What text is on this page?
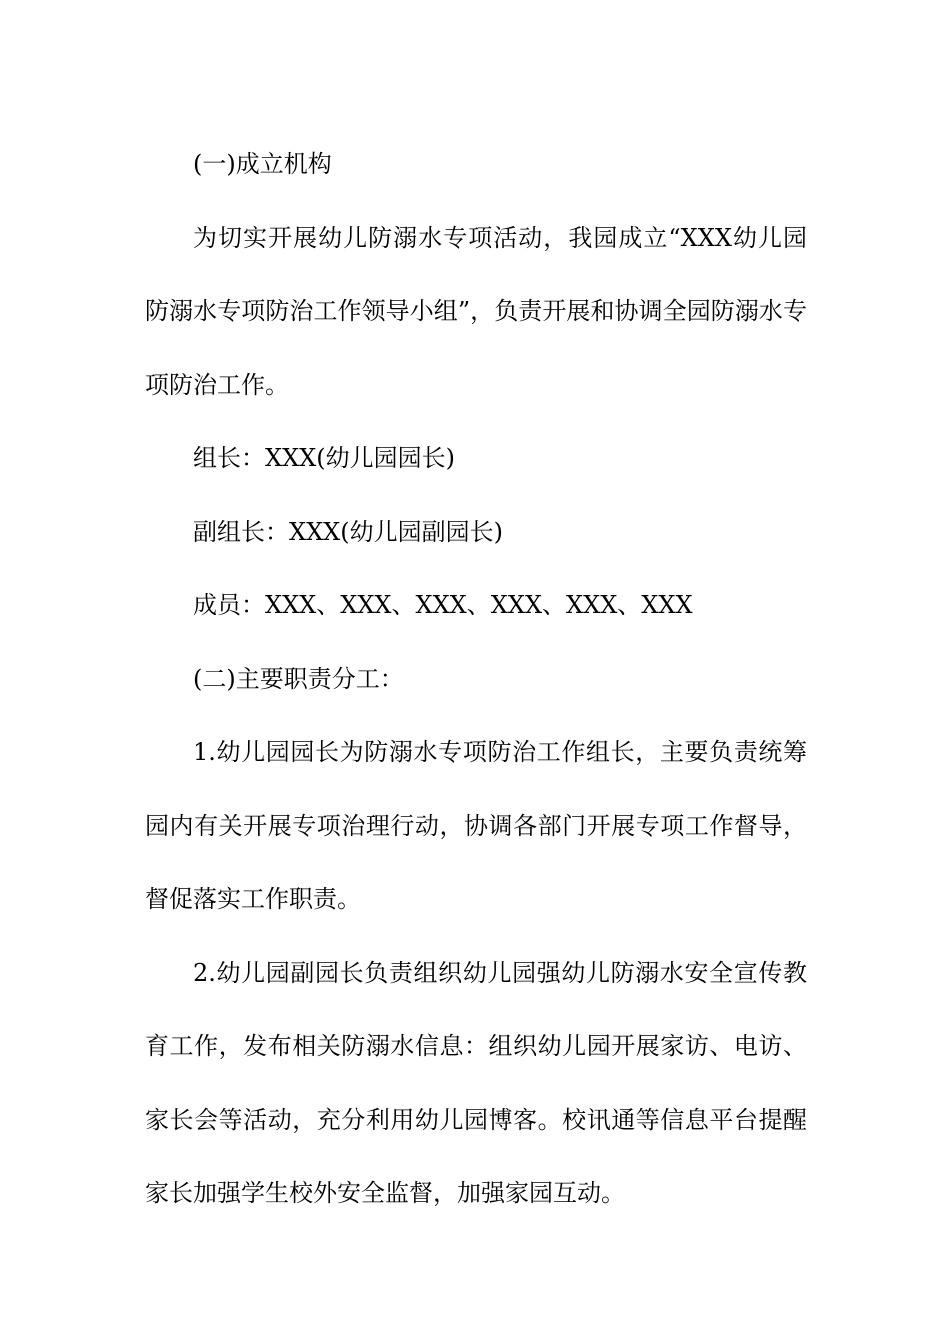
(一)成立机构

为切实开展幼儿防溺水专项活动，我园成立“XXX幼儿园防溺水专项防治工作领导小组”，负责开展和协调全园防溺水专项防治工作。

组长：XXX(幼儿园园长)

副组长：XXX(幼儿园副园长)

成员：XXX、XXX、XXX、XXX、XXX、XXX

(二)主要职责分工：

1.幼儿园园长为防溺水专项防治工作组长，主要负责统筹园内有关开展专项治理行动，协调各部门开展专项工作督导，督促落实工作职责。

2.幼儿园副园长负责组织幼儿园强幼儿防溺水安全宣传教育工作，发布相关防溺水信息：组织幼儿园开展家访、电访、家长会等活动，充分利用幼儿园博客。校讯通等信息平台提醒家长加强学生校外安全监督，加强家园互动。
